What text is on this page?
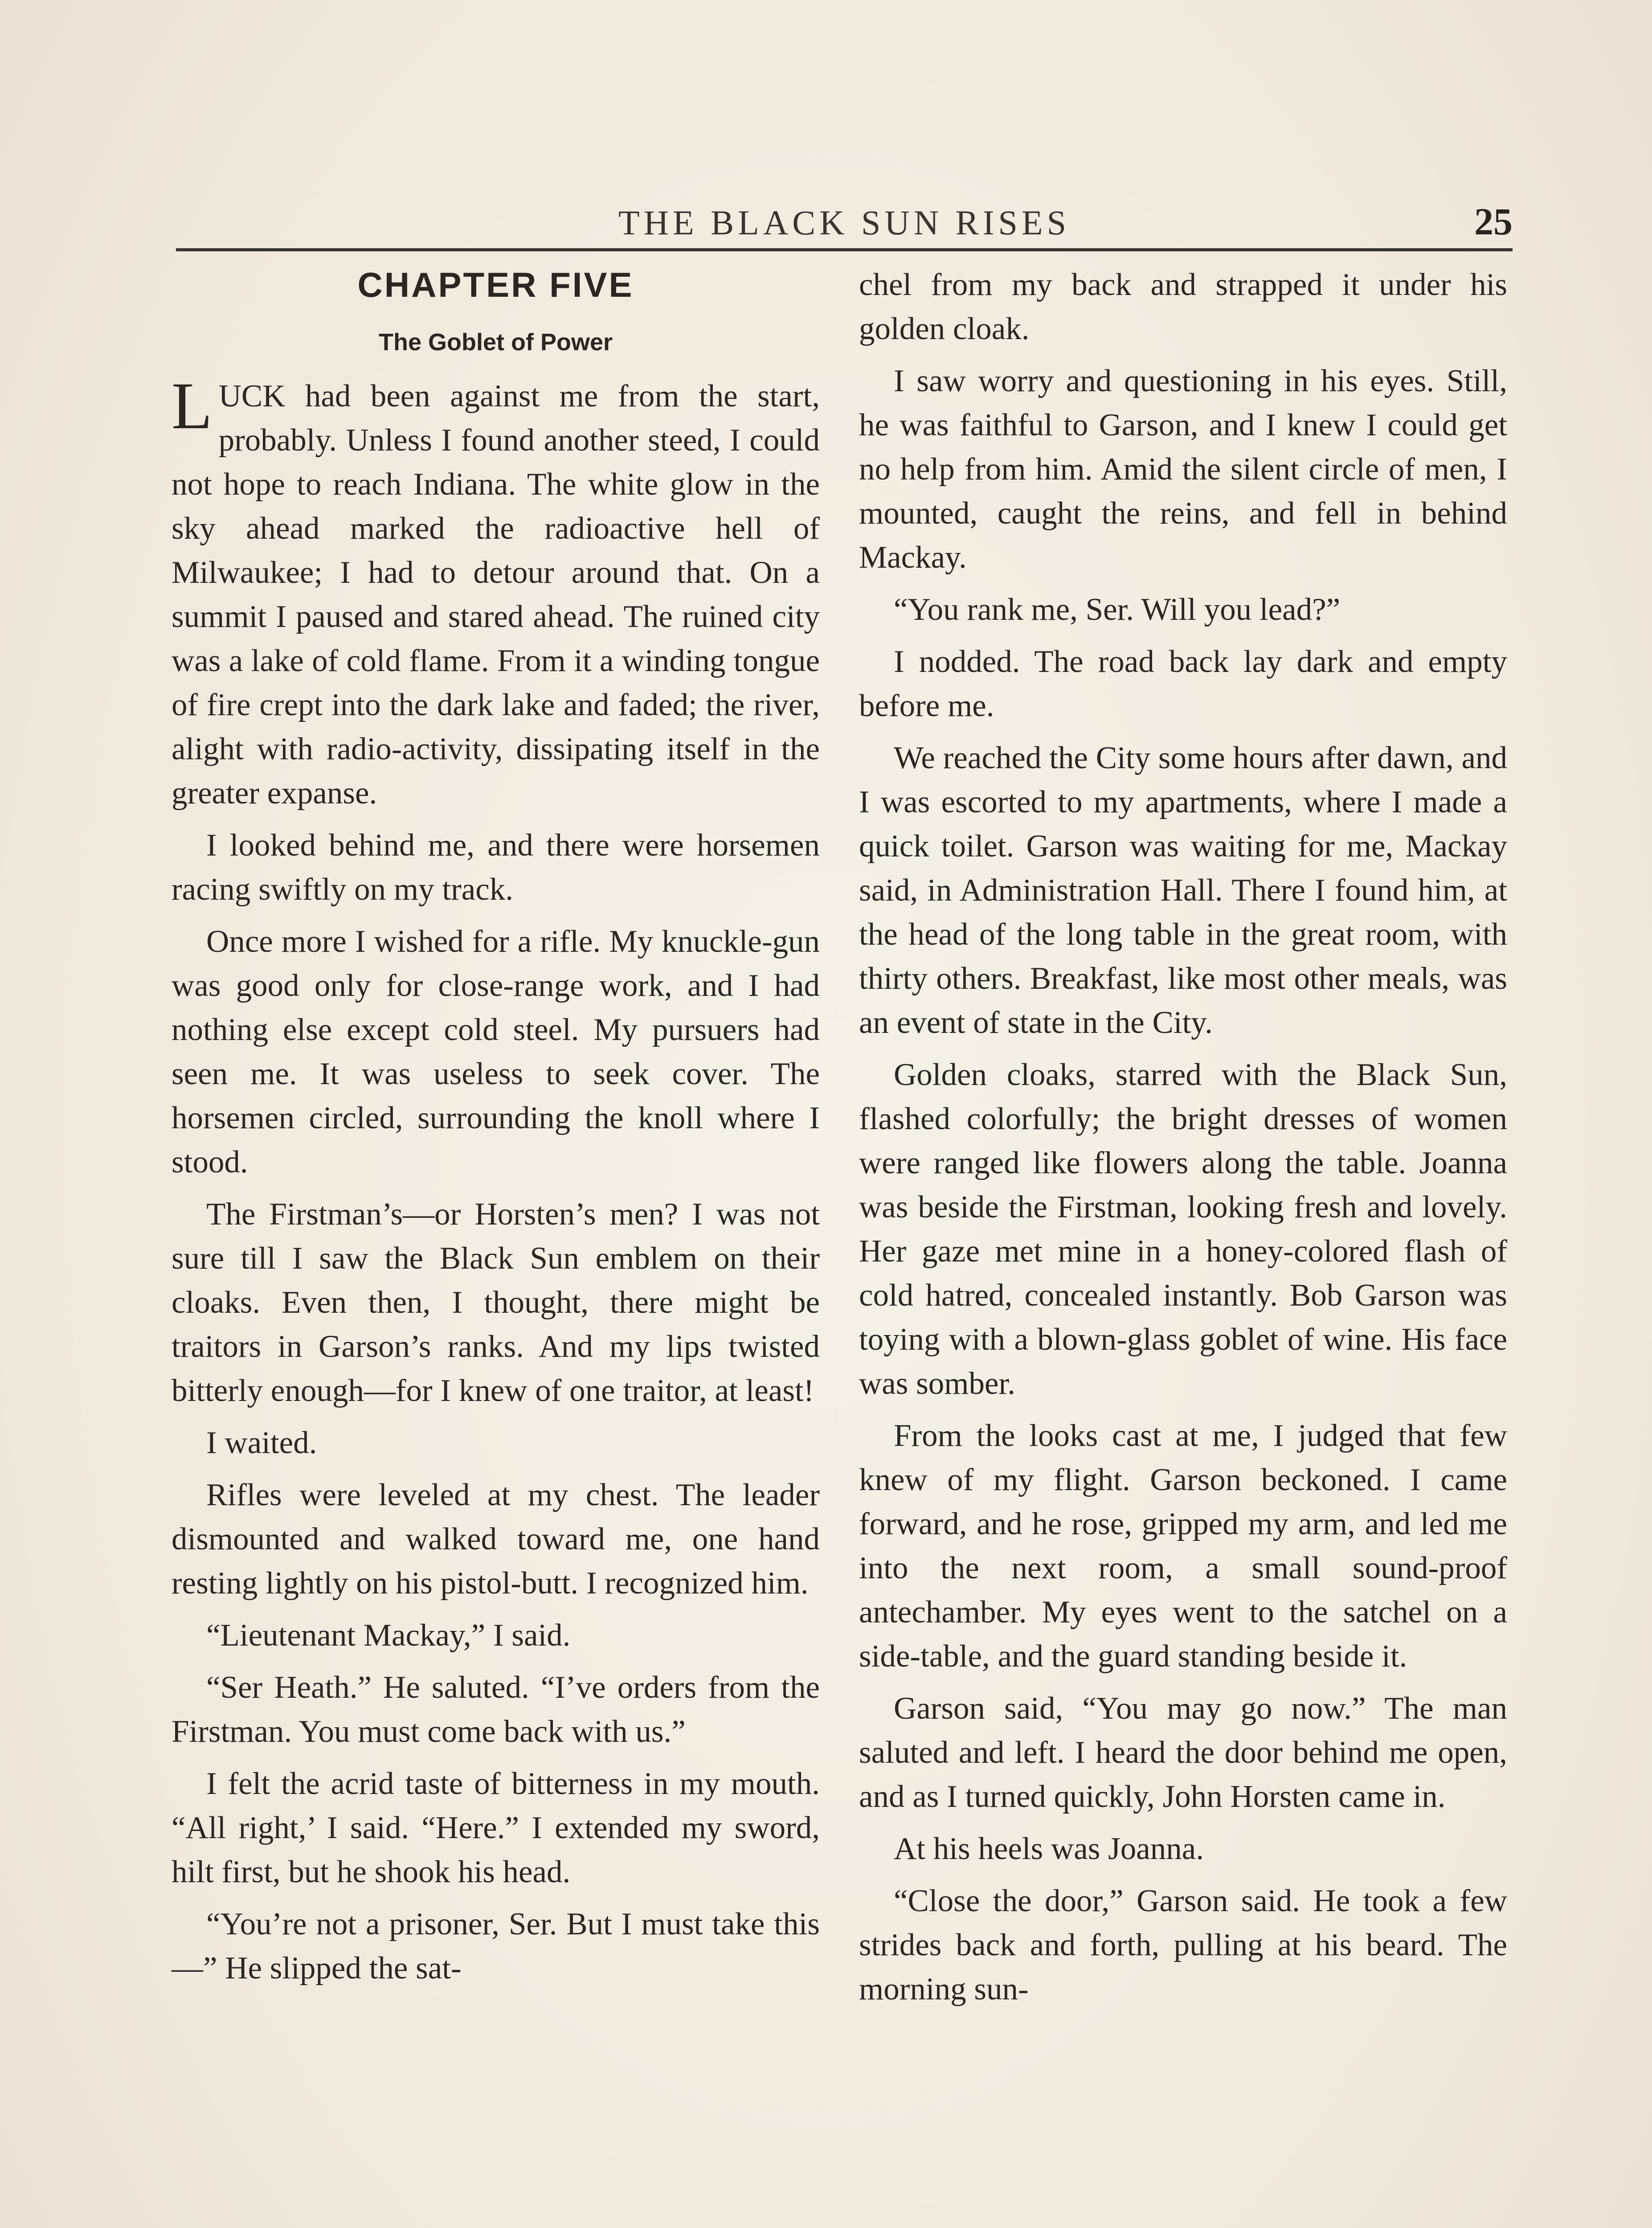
THE BLACK SUN RISES	25
CHAPTER FIVE
The Goblet of Power

LUCK had been against me from the start, probably. Unless I found another steed, I could not hope to reach Indiana. The white glow in the sky ahead marked the radioactive hell of Milwaukee; I had to detour around that. On a summit I paused and stared ahead. The ruined city was a lake of cold flame. From it a winding tongue of fire crept into the dark lake and faded; the river, alight with radio-activity, dissipating itself in the greater expanse.

I looked behind me, and there were horsemen racing swiftly on my track.

Once more I wished for a rifle. My knuckle-gun was good only for close-range work, and I had nothing else except cold steel. My pursuers had seen me. It was useless to seek cover. The horsemen circled, surrounding the knoll where I stood.

The Firstman’s—or Horsten’s men? I was not sure till I saw the Black Sun emblem on their cloaks. Even then, I thought, there might be traitors in Garson’s ranks. And my lips twisted bitterly enough—for I knew of one traitor, at least!

I waited.

Rifles were leveled at my chest. The leader dismounted and walked toward me, one hand resting lightly on his pistol-butt. I recognized him.

“Lieutenant Mackay,” I said.

“Ser Heath.” He saluted. “I’ve orders from the Firstman. You must come back with us.”

I felt the acrid taste of bitterness in my mouth. “All right,’ I said. “Here.” I extended my sword, hilt first, but he shook his head.

“You’re not a prisoner, Ser. But I must take this—” He slipped the sat-

chel from my back and strapped it under his golden cloak.

I saw worry and questioning in his eyes. Still, he was faithful to Garson, and I knew I could get no help from him. Amid the silent circle of men, I mounted, caught the reins, and fell in behind Mackay.

“You rank me, Ser. Will you lead?”

I nodded. The road back lay dark and empty before me.

We reached the City some hours after dawn, and I was escorted to my apartments, where I made a quick toilet. Garson was waiting for me, Mackay said, in Administration Hall. There I found him, at the head of the long table in the great room, with thirty others. Breakfast, like most other meals, was an event of state in the City.

Golden cloaks, starred with the Black Sun, flashed colorfully; the bright dresses of women were ranged like flowers along the table. Joanna was beside the Firstman, looking fresh and lovely. Her gaze met mine in a honey-colored flash of cold hatred, concealed instantly. Bob Garson was toying with a blown-glass goblet of wine. His face was somber.

From the looks cast at me, I judged that few knew of my flight. Garson beckoned. I came forward, and he rose, gripped my arm, and led me into the next room, a small sound-proof antechamber. My eyes went to the satchel on a side-table, and the guard standing beside it.

Garson said, “You may go now.” The man saluted and left. I heard the door behind me open, and as I turned quickly, John Horsten came in.

At his heels was Joanna.

“Close the door,” Garson said. He took a few strides back and forth, pulling at his beard. The morning sun-
